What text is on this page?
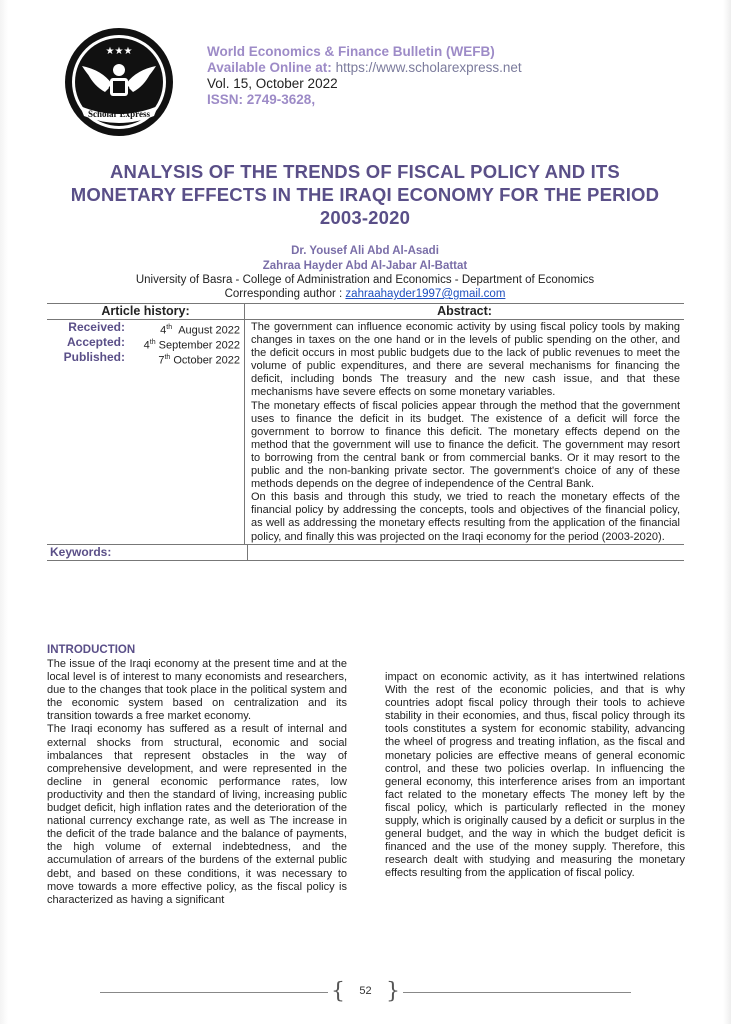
★★★
Scholar Express
World Economics & Finance Bulletin (WEFB)
Available Online at: https://www.scholarexpress.net
Vol. 15, October 2022
ISSN: 2749-3628,
ANALYSIS OF THE TRENDS OF FISCAL POLICY AND ITS
MONETARY EFFECTS IN THE IRAQI ECONOMY FOR THE PERIOD
2003-2020
Dr. Yousef Ali Abd Al-Asadi
Zahraa Hayder Abd Al-Jabar Al-Battat
University of Basra - College of Administration and Economics - Department of Economics
Corresponding author : zahraahayder1997@gmail.com
Article history:	Abstract:
Received:	4th August 2022
Accepted:	4th September 2022
Published:	7th October 2022

The government can influence economic activity by using fiscal policy tools by making changes in taxes on the one hand or in the levels of public spending on the other, and the deficit occurs in most public budgets due to the lack of public revenues to meet the volume of public expenditures, and there are several mechanisms for financing the deficit, including bonds The treasury and the new cash issue, and that these mechanisms have severe effects on some monetary variables.

The monetary effects of fiscal policies appear through the method that the government uses to finance the deficit in its budget. The existence of a deficit will force the government to borrow to finance this deficit. The monetary effects depend on the method that the government will use to finance the deficit. The government may resort to borrowing from the central bank or from commercial banks. Or it may resort to the public and the non-banking private sector. The government's choice of any of these methods depends on the degree of independence of the Central Bank.

On this basis and through this study, we tried to reach the monetary effects of the financial policy by addressing the concepts, tools and objectives of the financial policy, as well as addressing the monetary effects resulting from the application of the financial policy, and finally this was projected on the Iraqi economy for the period (2003-2020).

Keywords:
INTRODUCTION

The issue of the Iraqi economy at the present time and at the local level is of interest to many economists and researchers, due to the changes that took place in the political system and the economic system based on centralization and its transition towards a free market economy.

The Iraqi economy has suffered as a result of internal and external shocks from structural, economic and social imbalances that represent obstacles in the way of comprehensive development, and were represented in the decline in general economic performance rates, low productivity and then the standard of living, increasing public budget deficit, high inflation rates and the deterioration of the national currency exchange rate, as well as The increase in the deficit of the trade balance and the balance of payments, the high volume of external indebtedness, and the accumulation of arrears of the burdens of the external public debt, and based on these conditions, it was necessary to move towards a more effective policy, as the fiscal policy is characterized as having a significant

impact on economic activity, as it has intertwined relations With the rest of the economic policies, and that is why countries adopt fiscal policy through their tools to achieve stability in their economies, and thus, fiscal policy through its tools constitutes a system for economic stability, advancing the wheel of progress and treating inflation, as the fiscal and monetary policies are effective means of general economic control, and these two policies overlap. In influencing the general economy, this interference arises from an important fact related to the monetary effects The money left by the fiscal policy, which is particularly reflected in the money supply, which is originally caused by a deficit or surplus in the general budget, and the way in which the budget deficit is financed and the use of the money supply. Therefore, this research dealt with studying and measuring the monetary effects resulting from the application of fiscal policy.

{	52 }
